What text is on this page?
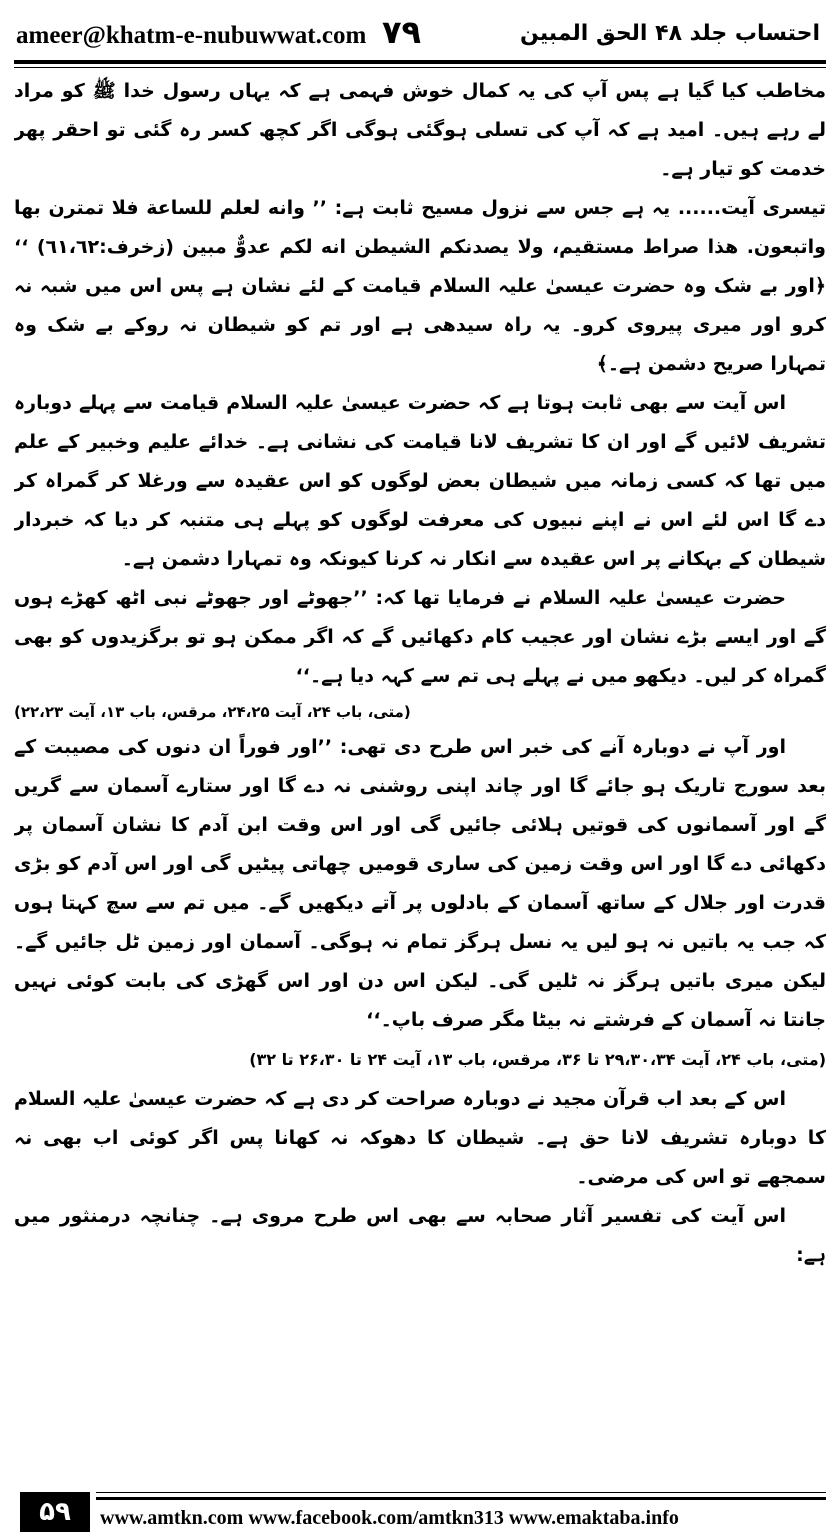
ameer@khatm-e-nubuwwat.com ۷۹	احتساب جلد ۴۸ الحق المبین

مخاطب کیا گیا ہے پس آپ کی یہ کمال خوش فہمی ہے کہ یہاں رسول خدا ﷺ کو مراد لے رہے ہیں۔ امید ہے کہ آپ کی تسلی ہوگئی ہوگی اگر کچھ کسر رہ گئی تو احقر پھر خدمت کو تیار ہے۔

تیسری آیت...... یہ ہے جس سے نزول مسیح ثابت ہے: ’’ وانه لعلم للساعة فلا تمترن بها واتبعون. هذا صراط مستقیم، ولا یصدنکم الشیطن انه لکم عدوٌّ مبین (زخرف:٦١،٦٢) ‘‘ ﴿اور بے شک وہ حضرت عیسیٰ علیہ السلام قیامت کے لئے نشان ہے پس اس میں شبہ نہ کرو اور میری پیروی کرو۔ یہ راہ سیدھی ہے اور تم کو شیطان نہ روکے بے شک وہ تمہارا صریح دشمن ہے۔﴾

اس آیت سے بھی ثابت ہوتا ہے کہ حضرت عیسیٰ علیہ السلام قیامت سے پہلے دوبارہ تشریف لائیں گے اور ان کا تشریف لانا قیامت کی نشانی ہے۔ خدائے علیم وخبیر کے علم میں تھا کہ کسی زمانہ میں شیطان بعض لوگوں کو اس عقیدہ سے ورغلا کر گمراہ کر دے گا اس لئے اس نے اپنے نبیوں کی معرفت لوگوں کو پہلے ہی متنبہ کر دیا کہ خبردار شیطان کے بہکانے پر اس عقیدہ سے انکار نہ کرنا کیونکہ وہ تمہارا دشمن ہے۔

حضرت عیسیٰ علیہ السلام نے فرمایا تھا کہ: ’’جھوٹے اور جھوٹے نبی اٹھ کھڑے ہوں گے اور ایسے بڑے نشان اور عجیب کام دکھائیں گے کہ اگر ممکن ہو تو برگزیدوں کو بھی گمراہ کر لیں۔ دیکھو میں نے پہلے ہی تم سے کہہ دیا ہے۔‘‘

(متی، باب ۲۴، آیت ۲۴،۲۵، مرقس، باب ۱۳، آیت ۲۲،۲۳)

اور آپ نے دوبارہ آنے کی خبر اس طرح دی تھی: ’’اور فوراً ان دنوں کی مصیبت کے بعد سورج تاریک ہو جائے گا اور چاند اپنی روشنی نہ دے گا اور ستارے آسمان سے گریں گے اور آسمانوں کی قوتیں ہلائی جائیں گی اور اس وقت ابن آدم کا نشان آسمان پر دکھائی دے گا اور اس وقت زمین کی ساری قومیں چھاتی پیٹیں گی اور اس آدم کو بڑی قدرت اور جلال کے ساتھ آسمان کے بادلوں پر آتے دیکھیں گے۔ میں تم سے سچ کہتا ہوں کہ جب یہ باتیں نہ ہو لیں یہ نسل ہرگز تمام نہ ہوگی۔ آسمان اور زمین ٹل جائیں گے۔ لیکن میری باتیں ہرگز نہ ٹلیں گی۔ لیکن اس دن اور اس گھڑی کی بابت کوئی نہیں جانتا نہ آسمان کے فرشتے نہ بیٹا مگر صرف باپ۔‘‘

(متی، باب ۲۴، آیت ۲۹،۳۰،۳۴ تا ۳۶، مرقس، باب ۱۳، آیت ۲۴ تا ۲۶،۳۰ تا ۳۲)

اس کے بعد اب قرآن مجید نے دوبارہ صراحت کر دی ہے کہ حضرت عیسیٰ علیہ السلام کا دوبارہ تشریف لانا حق ہے۔ شیطان کا دھوکہ نہ کھانا پس اگر کوئی اب بھی نہ سمجھے تو اس کی مرضی۔

اس آیت کی تفسیر آثار صحابہ سے بھی اس طرح مروی ہے۔ چنانچہ درمنثور میں ہے:

۵۹	www.amtkn.com www.facebook.com/amtkn313 www.emaktaba.info
